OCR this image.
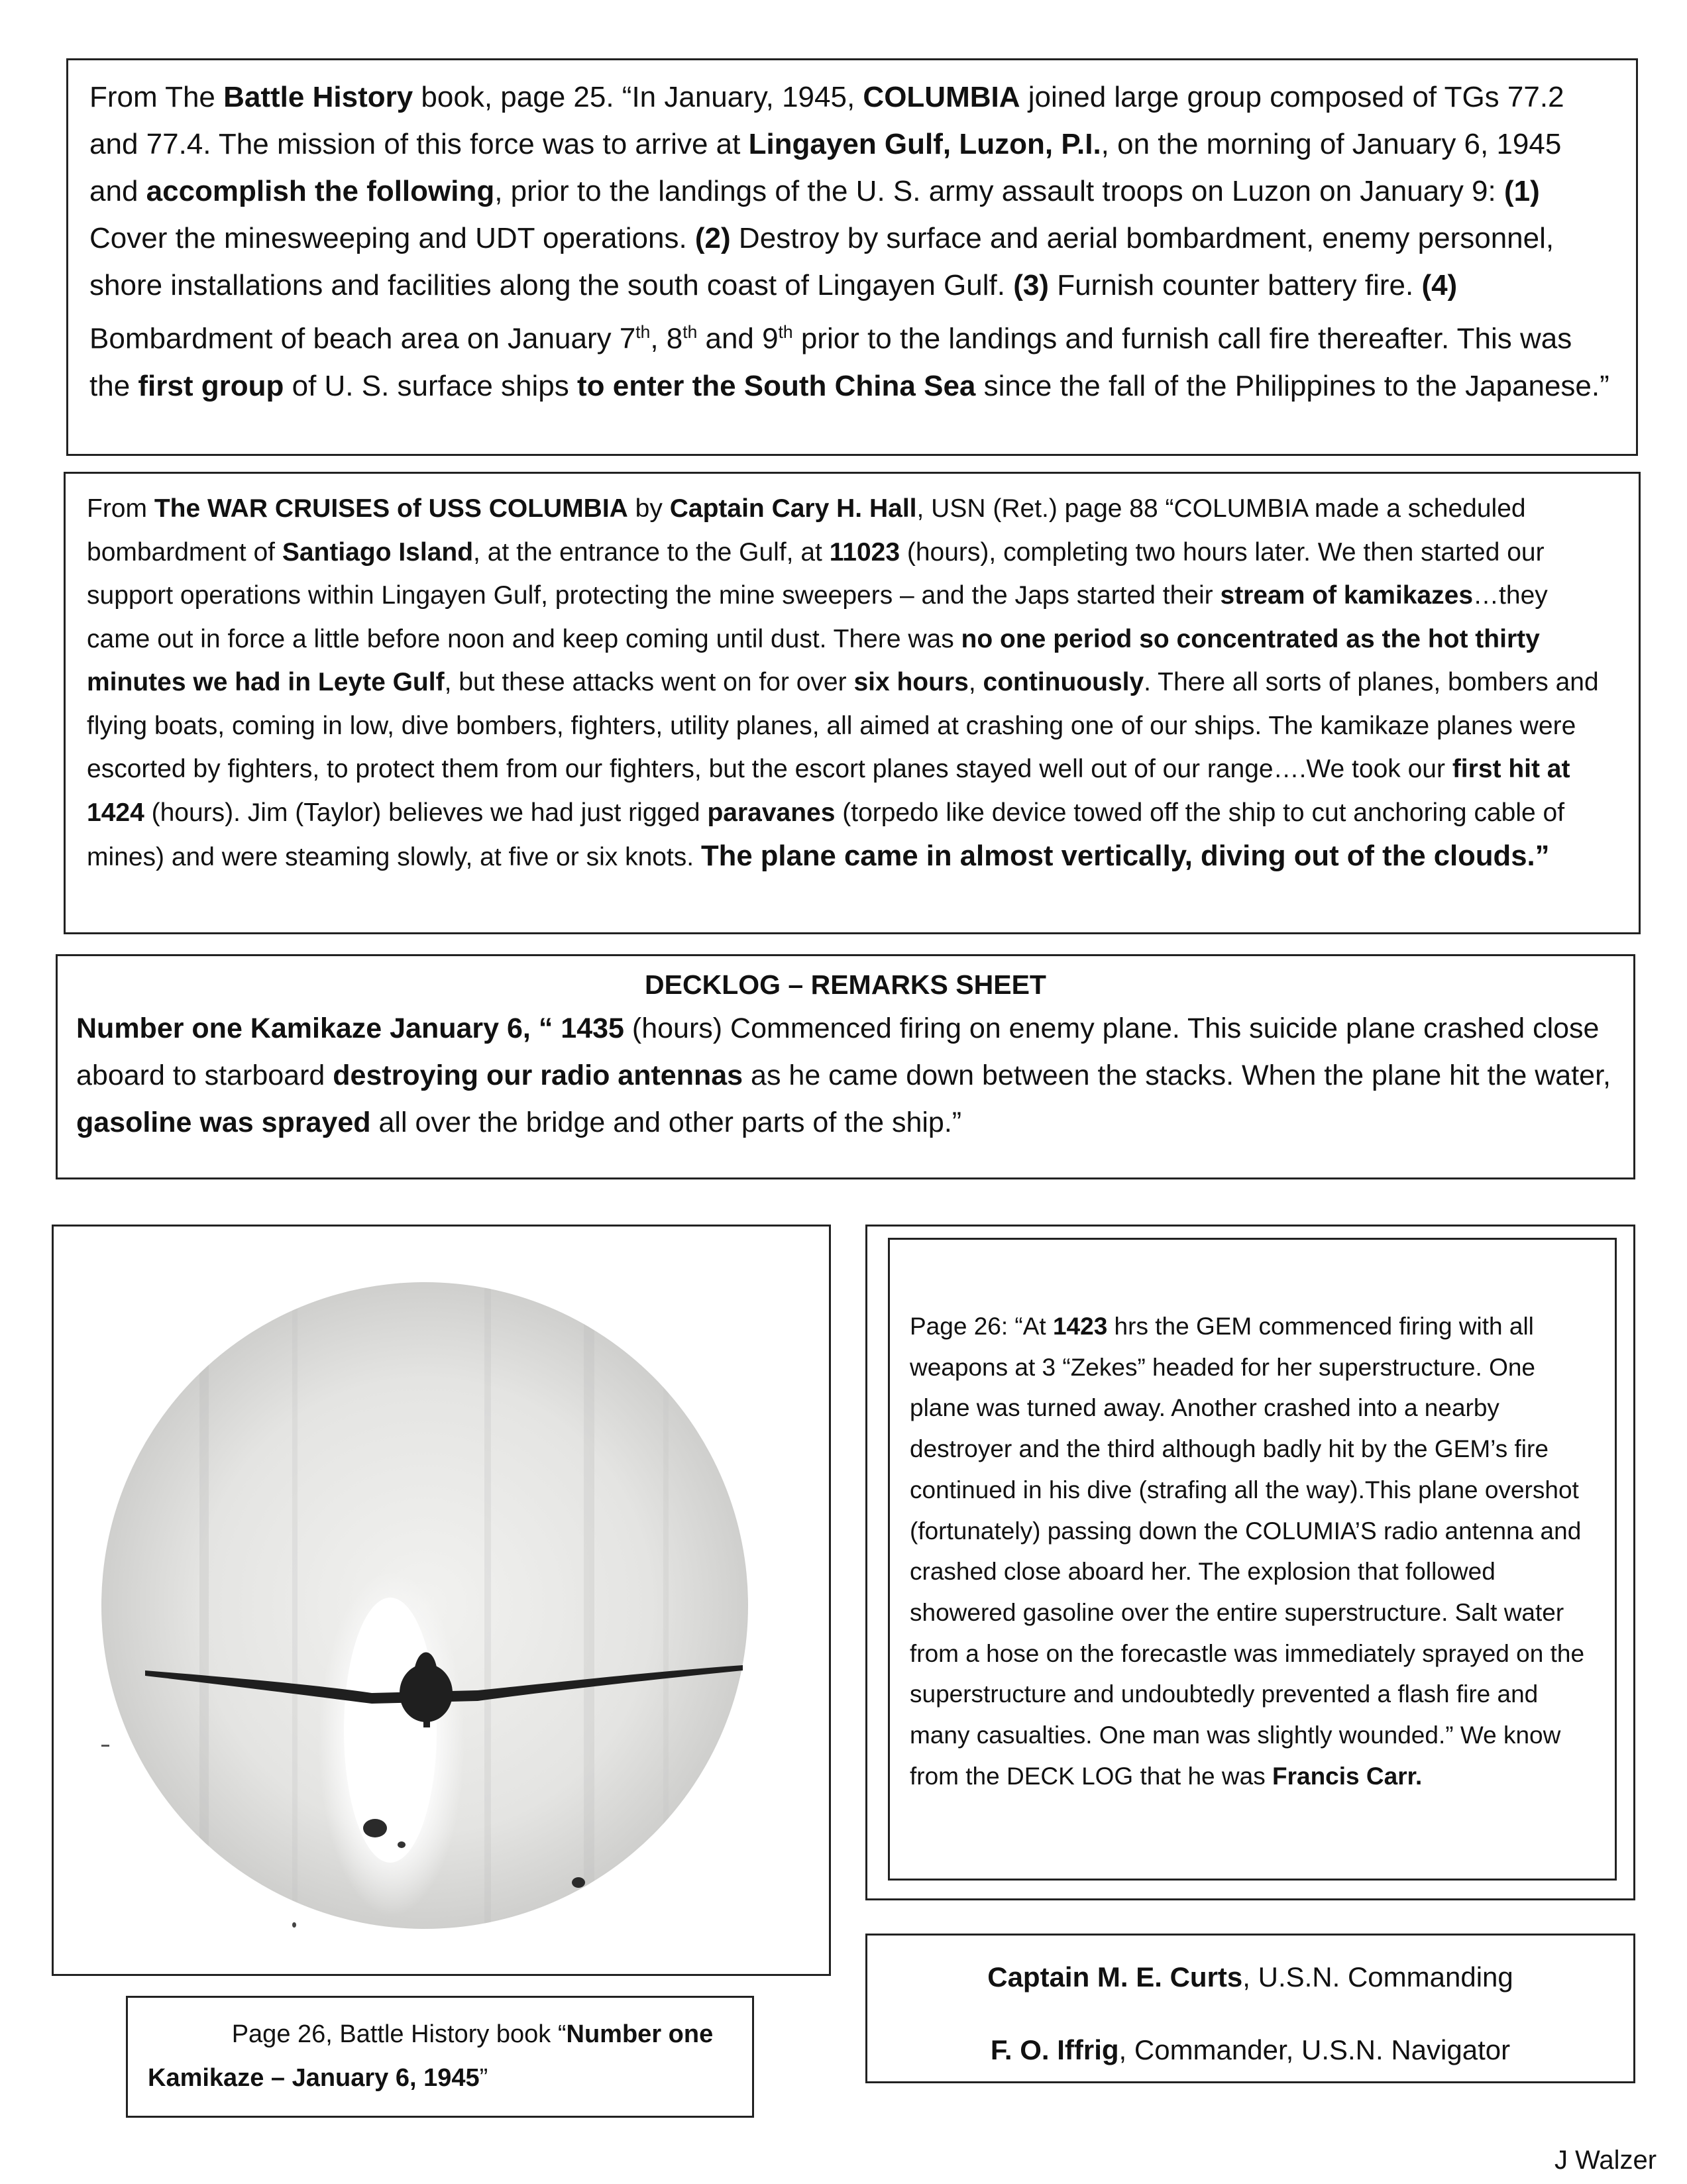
From The Battle History book, page 25. “In January, 1945, COLUMBIA joined large group composed of TGs 77.2 and 77.4. The mission of this force was to arrive at Lingayen Gulf, Luzon, P.I., on the morning of January 6, 1945 and accomplish the following, prior to the landings of the U. S. army assault troops on Luzon on January 9: (1) Cover the minesweeping and UDT operations. (2) Destroy by surface and aerial bombardment, enemy personnel, shore installations and facilities along the south coast of Lingayen Gulf. (3) Furnish counter battery fire. (4) Bombardment of beach area on January 7th, 8th and 9th prior to the landings and furnish call fire thereafter. This was the first group of U. S. surface ships to enter the South China Sea since the fall of the Philippines to the Japanese.”

From The WAR CRUISES of USS COLUMBIA by Captain Cary H. Hall, USN (Ret.) page 88 “COLUMBIA made a scheduled bombardment of Santiago Island, at the entrance to the Gulf, at 11023 (hours), completing two hours later. We then started our support operations within Lingayen Gulf, protecting the mine sweepers – and the Japs started their stream of kamikazes…they came out in force a little before noon and keep coming until dust. There was no one period so concentrated as the hot thirty minutes we had in Leyte Gulf, but these attacks went on for over six hours, continuously. There all sorts of planes, bombers and flying boats, coming in low, dive bombers, fighters, utility planes, all aimed at crashing one of our ships. The kamikaze planes were escorted by fighters, to protect them from our fighters, but the escort planes stayed well out of our range….We took our first hit at 1424 (hours). Jim (Taylor) believes we had just rigged paravanes (torpedo like device towed off the ship to cut anchoring cable of mines) and were steaming slowly, at five or six knots. The plane came in almost vertically, diving out of the clouds.”

DECKLOG – REMARKS SHEET

Number one Kamikaze January 6, “ 1435 (hours) Commenced firing on enemy plane. This suicide plane crashed close aboard to starboard destroying our radio antennas as he came down between the stacks. When the plane hit the water, gasoline was sprayed all over the bridge and other parts of the ship.”

Page 26, Battle History book “Number one Kamikaze – January 6, 1945”

Page 26: “At 1423 hrs the GEM commenced firing with all weapons at 3 “Zekes” headed for her superstructure. One plane was turned away. Another crashed into a nearby destroyer and the third although badly hit by the GEM’s fire continued in his dive (strafing all the way).This plane overshot (fortunately) passing down the COLUMIA’S radio antenna and crashed close aboard her. The explosion that followed showered gasoline over the entire superstructure. Salt water from a hose on the forecastle was immediately sprayed on the superstructure and undoubtedly prevented a flash fire and many casualties. One man was slightly wounded.” We know from the DECK LOG that he was Francis Carr.

Captain M. E. Curts, U.S.N. Commanding

F. O. Iffrig, Commander, U.S.N. Navigator

J Walzer
